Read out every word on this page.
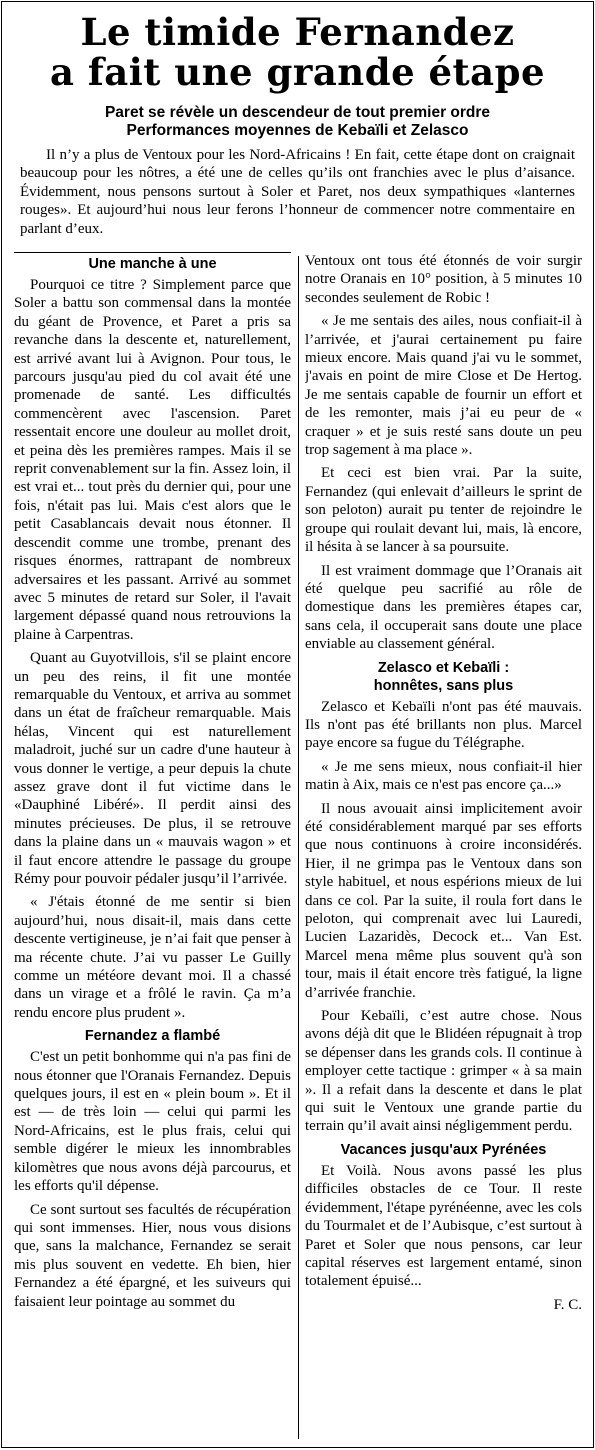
Le timide Fernandez
a fait une grande étape
Paret se révèle un descendeur de tout premier ordre
Performances moyennes de Kebaïli et Zelasco

Il n’y a plus de Ventoux pour les Nord-Africains ! En fait, cette étape dont on craignait beaucoup pour les nôtres, a été une de celles qu’ils ont franchies avec le plus d’aisance. Évidemment, nous pensons surtout à Soler et Paret, nos deux sympathiques «lanternes rouges». Et aujourd’hui nous leur ferons l’honneur de commencer notre commentaire en parlant d’eux.

Une manche à une

Pourquoi ce titre ? Simplement parce que Soler a battu son commensal dans la montée du géant de Provence, et Paret a pris sa revanche dans la descente et, naturellement, est arrivé avant lui à Avignon. Pour tous, le parcours jusqu'au pied du col avait été une promenade de santé. Les difficultés commencèrent avec l'ascension. Paret ressentait encore une douleur au mollet droit, et peina dès les premières rampes. Mais il se reprit convenablement sur la fin. Assez loin, il est vrai et... tout près du dernier qui, pour une fois, n'était pas lui. Mais c'est alors que le petit Casablancais devait nous étonner. Il descendit comme une trombe, prenant des risques énormes, rattrapant de nombreux adversaires et les passant. Arrivé au sommet avec 5 minutes de retard sur Soler, il l'avait largement dépassé quand nous retrouvions la plaine à Carpentras.

Quant au Guyotvillois, s'il se plaint encore un peu des reins, il fit une montée remarquable du Ventoux, et arriva au sommet dans un état de fraîcheur remarquable. Mais hélas, Vincent qui est naturellement maladroit, juché sur un cadre d'une hauteur à vous donner le vertige, a peur depuis la chute assez grave dont il fut victime dans le «Dauphiné Libéré». Il perdit ainsi des minutes précieuses. De plus, il se retrouve dans la plaine dans un « mauvais wagon » et il faut encore attendre le passage du groupe Rémy pour pouvoir pédaler jusqu’il l’arrivée.

« J'étais étonné de me sentir si bien aujourd’hui, nous disait-il, mais dans cette descente vertigineuse, je n’ai fait que penser à ma récente chute. J’ai vu passer Le Guilly comme un météore devant moi. Il a chassé dans un virage et a frôlé le ravin. Ça m’a rendu encore plus prudent ».

Fernandez a flambé

C'est un petit bonhomme qui n'a pas fini de nous étonner que l'Oranais Fernandez. Depuis quelques jours, il est en « plein boum ». Et il est — de très loin — celui qui parmi les Nord-Africains, est le plus frais, celui qui semble digérer le mieux les innombrables kilomètres que nous avons déjà parcourus, et les efforts qu'il dépense.

Ce sont surtout ses facultés de récupération qui sont immenses. Hier, nous vous disions que, sans la malchance, Fernandez se serait mis plus souvent en vedette. Eh bien, hier Fernandez a été épargné, et les suiveurs qui faisaient leur pointage au sommet du

Ventoux ont tous été étonnés de voir surgir notre Oranais en 10° position, à 5 minutes 10 secondes seulement de Robic !

« Je me sentais des ailes, nous confiait-il à l’arrivée, et j'aurai certainement pu faire mieux encore. Mais quand j'ai vu le sommet, j'avais en point de mire Close et De Hertog. Je me sentais capable de fournir un effort et de les remonter, mais j’ai eu peur de « craquer » et je suis resté sans doute un peu trop sagement à ma place ».

Et ceci est bien vrai. Par la suite, Fernandez (qui enlevait d’ailleurs le sprint de son peloton) aurait pu tenter de rejoindre le groupe qui roulait devant lui, mais, là encore, il hésita à se lancer à sa poursuite.

Il est vraiment dommage que l’Oranais ait été quelque peu sacrifié au rôle de domestique dans les premières étapes car, sans cela, il occuperait sans doute une place enviable au classement général.

Zelasco et Kebaïli :
honnêtes, sans plus

Zelasco et Kebaïli n'ont pas été mauvais. Ils n'ont pas été brillants non plus. Marcel paye encore sa fugue du Télégraphe.

« Je me sens mieux, nous confiait-il hier matin à Aix, mais ce n'est pas encore ça...»

Il nous avouait ainsi implicitement avoir été considérablement marqué par ses efforts que nous continuons à croire inconsidérés. Hier, il ne grimpa pas le Ventoux dans son style habituel, et nous espérions mieux de lui dans ce col. Par la suite, il roula fort dans le peloton, qui comprenait avec lui Lauredi, Lucien Lazaridès, Decock et... Van Est. Marcel mena même plus souvent qu'à son tour, mais il était encore très fatigué, la ligne d’arrivée franchie.

Pour Kebaïli, c’est autre chose. Nous avons déjà dit que le Blidéen répugnait à trop se dépenser dans les grands cols. Il continue à employer cette tactique : grimper « à sa main ». Il a refait dans la descente et dans le plat qui suit le Ventoux une grande partie du terrain qu’il avait ainsi négligemment perdu.

Vacances jusqu'aux Pyrénées

Et Voilà. Nous avons passé les plus difficiles obstacles de ce Tour. Il reste évidemment, l'étape pyrénéenne, avec les cols du Tourmalet et de l’Aubisque, c’est surtout à Paret et Soler que nous pensons, car leur capital réserves est largement entamé, sinon totalement épuisé...

F. C.
